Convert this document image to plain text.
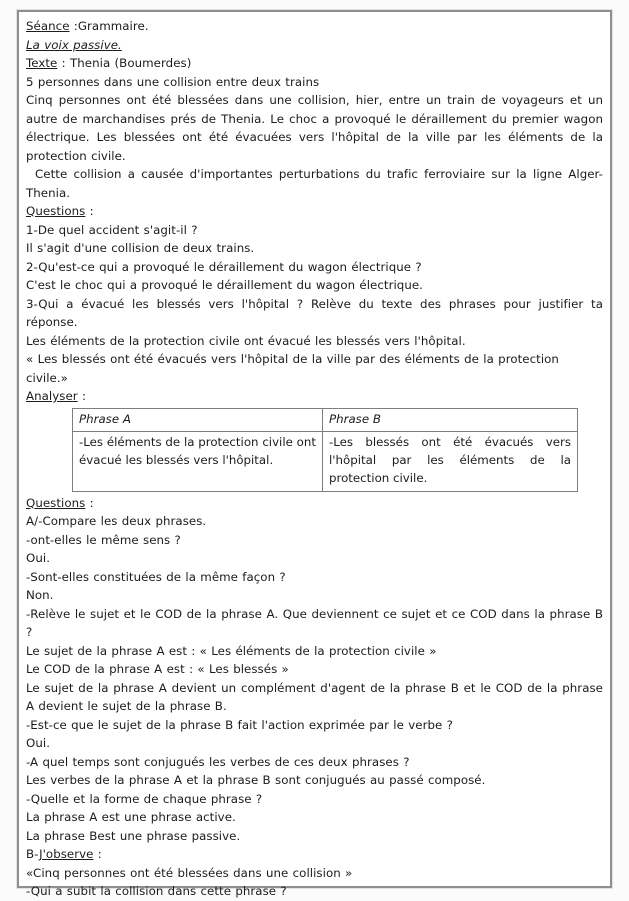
Séance :Grammaire.

La voix passive.

Texte : Thenia (Boumerdes)

5 personnes dans une collision entre deux trains

Cinq personnes ont été blessées dans une collision, hier, entre un train de voyageurs et un autre de marchandises prés de Thenia. Le choc a provoqué le déraillement du premier wagon électrique. Les blessées ont été évacuées vers l'hôpital de la ville par les éléments de la protection civile.

Cette collision a causée d'importantes perturbations du trafic ferroviaire sur la ligne Alger-Thenia.

Questions :

1-De quel accident s'agit-il ?

Il s'agit d'une collision de deux trains.

2-Qu'est-ce qui a provoqué le déraillement du wagon électrique ?

C'est le choc qui a provoqué le déraillement du wagon électrique.

3-Qui a évacué les blessés vers l'hôpital ? Relève du texte des phrases pour justifier ta réponse.

Les éléments de la protection civile ont évacué les blessés vers l'hôpital.

« Les blessés ont été évacués vers l'hôpital de la ville par des éléments de la protection civile.»

Analyser :

Phrase A	Phrase B
-Les éléments de la protection civile ont évacué les blessés vers l'hôpital.	-Les blessés ont été évacués vers l'hôpital par les éléments de la protection civile.

Questions :

A/-Compare les deux phrases.

-ont-elles le même sens ?

Oui.

-Sont-elles constituées de la même façon ?

Non.

-Relève le sujet et le COD de la phrase A. Que deviennent ce sujet et ce COD dans la phrase B ?

Le sujet de la phrase A est : « Les éléments de la protection civile »

Le COD de la phrase A est : « Les blessés »

Le sujet de la phrase A devient un complément d'agent de la phrase B et le COD de la phrase A devient le sujet de la phrase B.

-Est-ce que le sujet de la phrase B fait l'action exprimée par le verbe ?

Oui.

-A quel temps sont conjugués les verbes de ces deux phrases ?

Les verbes de la phrase A et la phrase B sont conjugués au passé composé.

-Quelle et la forme de chaque phrase ?

La phrase A est une phrase active.

La phrase Best une phrase passive.

B-J'observe :

«Cinq personnes ont été blessées dans une collision »

-Qui a subit la collision dans cette phrase ?
